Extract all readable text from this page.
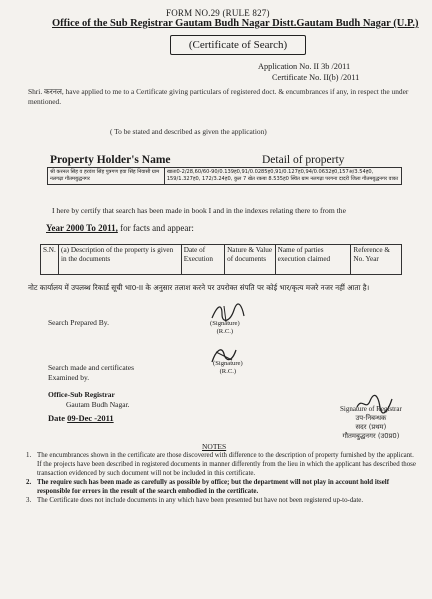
FORM NO.29 (RULE 827)
Office of the Sub Registrar Gautam Budh Nagar Distt.Gautam Budh Nagar (U.P.)
(Certificate of Search)
Application No. II 3b /2011
Certificate No. II(b) /2011
Shri. करनल, have applied to me to a Certificate giving particulars of registered doct. & encumbrances if any, in respect the under mentioned.
( To be stated and described as given the application)
Property Holder's Name	Detail of property
श्री करनल सिंह व हरवंश सिंह पुत्रगण हवा सिंह निवासी ग्राम नलगढ़ा गौतमबुद्धनगर	खाता0-2/28,60/60-90/0.139ह0,91/0.0285ह0,91/0.127ह0,94/0.0632ह0,157अ/3.54ह0, 159/1.327ह0, 172/3.24ह0, कुल 7 खेत रकबा 8.535ह0 स्थित ग्राम नलगढ़ा परगना दादरी जिला गौतमबुद्धनगर वाका
I here by certify that search has been made in book I and in the indexes relating there to from the
Year 2000 To 2011, for facts and appear:
S.N.	(a) Description of the property is given in the documents	Date of Execution	Nature & Value of documents	Name of parties execution claimed	Reference & No. Year
नोट कार्यालय में उपलब्ध रिकार्ड सूची भा0-II के अनुसार तलाश करने पर उपरोक्त संपति पर कोई भार/कृत्य मजरे नजर नहीं आता है।
Search Prepared By.	(Signature)
(R.C.)
Search made and certificates
Examined by.
(Signature)
(R.C.)
Office-Sub Registrar
Gautam Budh Nagar.
Date 09-Dec -2011
Signature of Registrar
उप-निबन्धक
सदर (प्रथम)
गौतमबुद्धनगर (उ0प्र0)
NOTES
1. The encumbrances shown in the certificate are those discovered with difference to the description of property furnished by the applicant. If the projects have been described in registered documents in manner differently from the lieu in which the applicant has described those transaction evidenced by such document will not be included in this certificate.
2. The require such has been made as carefully as possible by office; but the department will not play in account hold itself responsible for errors in the result of the search embodied in the certificate.
3. The Certificate does not include documents in any which have been presented but have not been registered up-to-date.
